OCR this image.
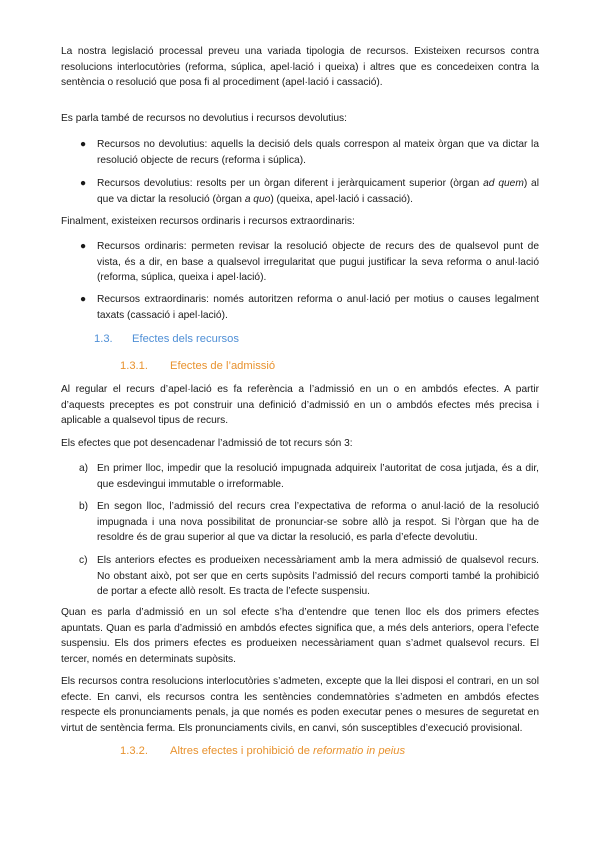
La nostra legislació processal preveu una variada tipologia de recursos. Existeixen recursos contra resolucions interlocutòries (reforma, súplica, apel·lació i queixa) i altres que es concedeixen contra la sentència o resolució que posa fi al procediment (apel·lació i cassació).

Es parla també de recursos no devolutius i recursos devolutius:

● Recursos no devolutius: aquells la decisió dels quals correspon al mateix òrgan que va dictar la resolució objecte de recurs (reforma i súplica).

● Recursos devolutius: resolts per un òrgan diferent i jeràrquicament superior (òrgan ad quem) al que va dictar la resolució (òrgan a quo) (queixa, apel·lació i cassació).

Finalment, existeixen recursos ordinaris i recursos extraordinaris:

● Recursos ordinaris: permeten revisar la resolució objecte de recurs des de qualsevol punt de vista, és a dir, en base a qualsevol irregularitat que pugui justificar la seva reforma o anul·lació (reforma, súplica, queixa i apel·lació).

● Recursos extraordinaris: només autoritzen reforma o anul·lació per motius o causes legalment taxats (cassació i apel·lació).

1.3. Efectes dels recursos
1.3.1. Efectes de l’admissió

Al regular el recurs d’apel·lació es fa referència a l’admissió en un o en ambdós efectes. A partir d’aquests preceptes es pot construir una definició d’admissió en un o ambdós efectes més precisa i aplicable a qualsevol tipus de recurs.

Els efectes que pot desencadenar l’admissió de tot recurs són 3:

a) En primer lloc, impedir que la resolució impugnada adquireix l’autoritat de cosa jutjada, és a dir, que esdevingui immutable o irreformable.

b) En segon lloc, l’admissió del recurs crea l’expectativa de reforma o anul·lació de la resolució impugnada i una nova possibilitat de pronunciar-se sobre allò ja respot. Si l’òrgan que ha de resoldre és de grau superior al que va dictar la resolució, es parla d’efecte devolutiu.

c) Els anteriors efectes es produeixen necessàriament amb la mera admissió de qualsevol recurs. No obstant això, pot ser que en certs supòsits l’admissió del recurs comporti també la prohibició de portar a efecte allò resolt. Es tracta de l’efecte suspensiu.

Quan es parla d’admissió en un sol efecte s’ha d’entendre que tenen lloc els dos primers efectes apuntats. Quan es parla d’admissió en ambdós efectes significa que, a més dels anteriors, opera l’efecte suspensiu. Els dos primers efectes es produeixen necessàriament quan s’admet qualsevol recurs. El tercer, només en determinats supòsits.

Els recursos contra resolucions interlocutòries s’admeten, excepte que la llei disposi el contrari, en un sol efecte. En canvi, els recursos contra les sentències condemnatòries s’admeten en ambdós efectes respecte els pronunciaments penals, ja que només es poden executar penes o mesures de seguretat en virtut de sentència ferma. Els pronunciaments civils, en canvi, són susceptibles d’execució provisional.

1.3.2. Altres efectes i prohibició de reformatio in peius
